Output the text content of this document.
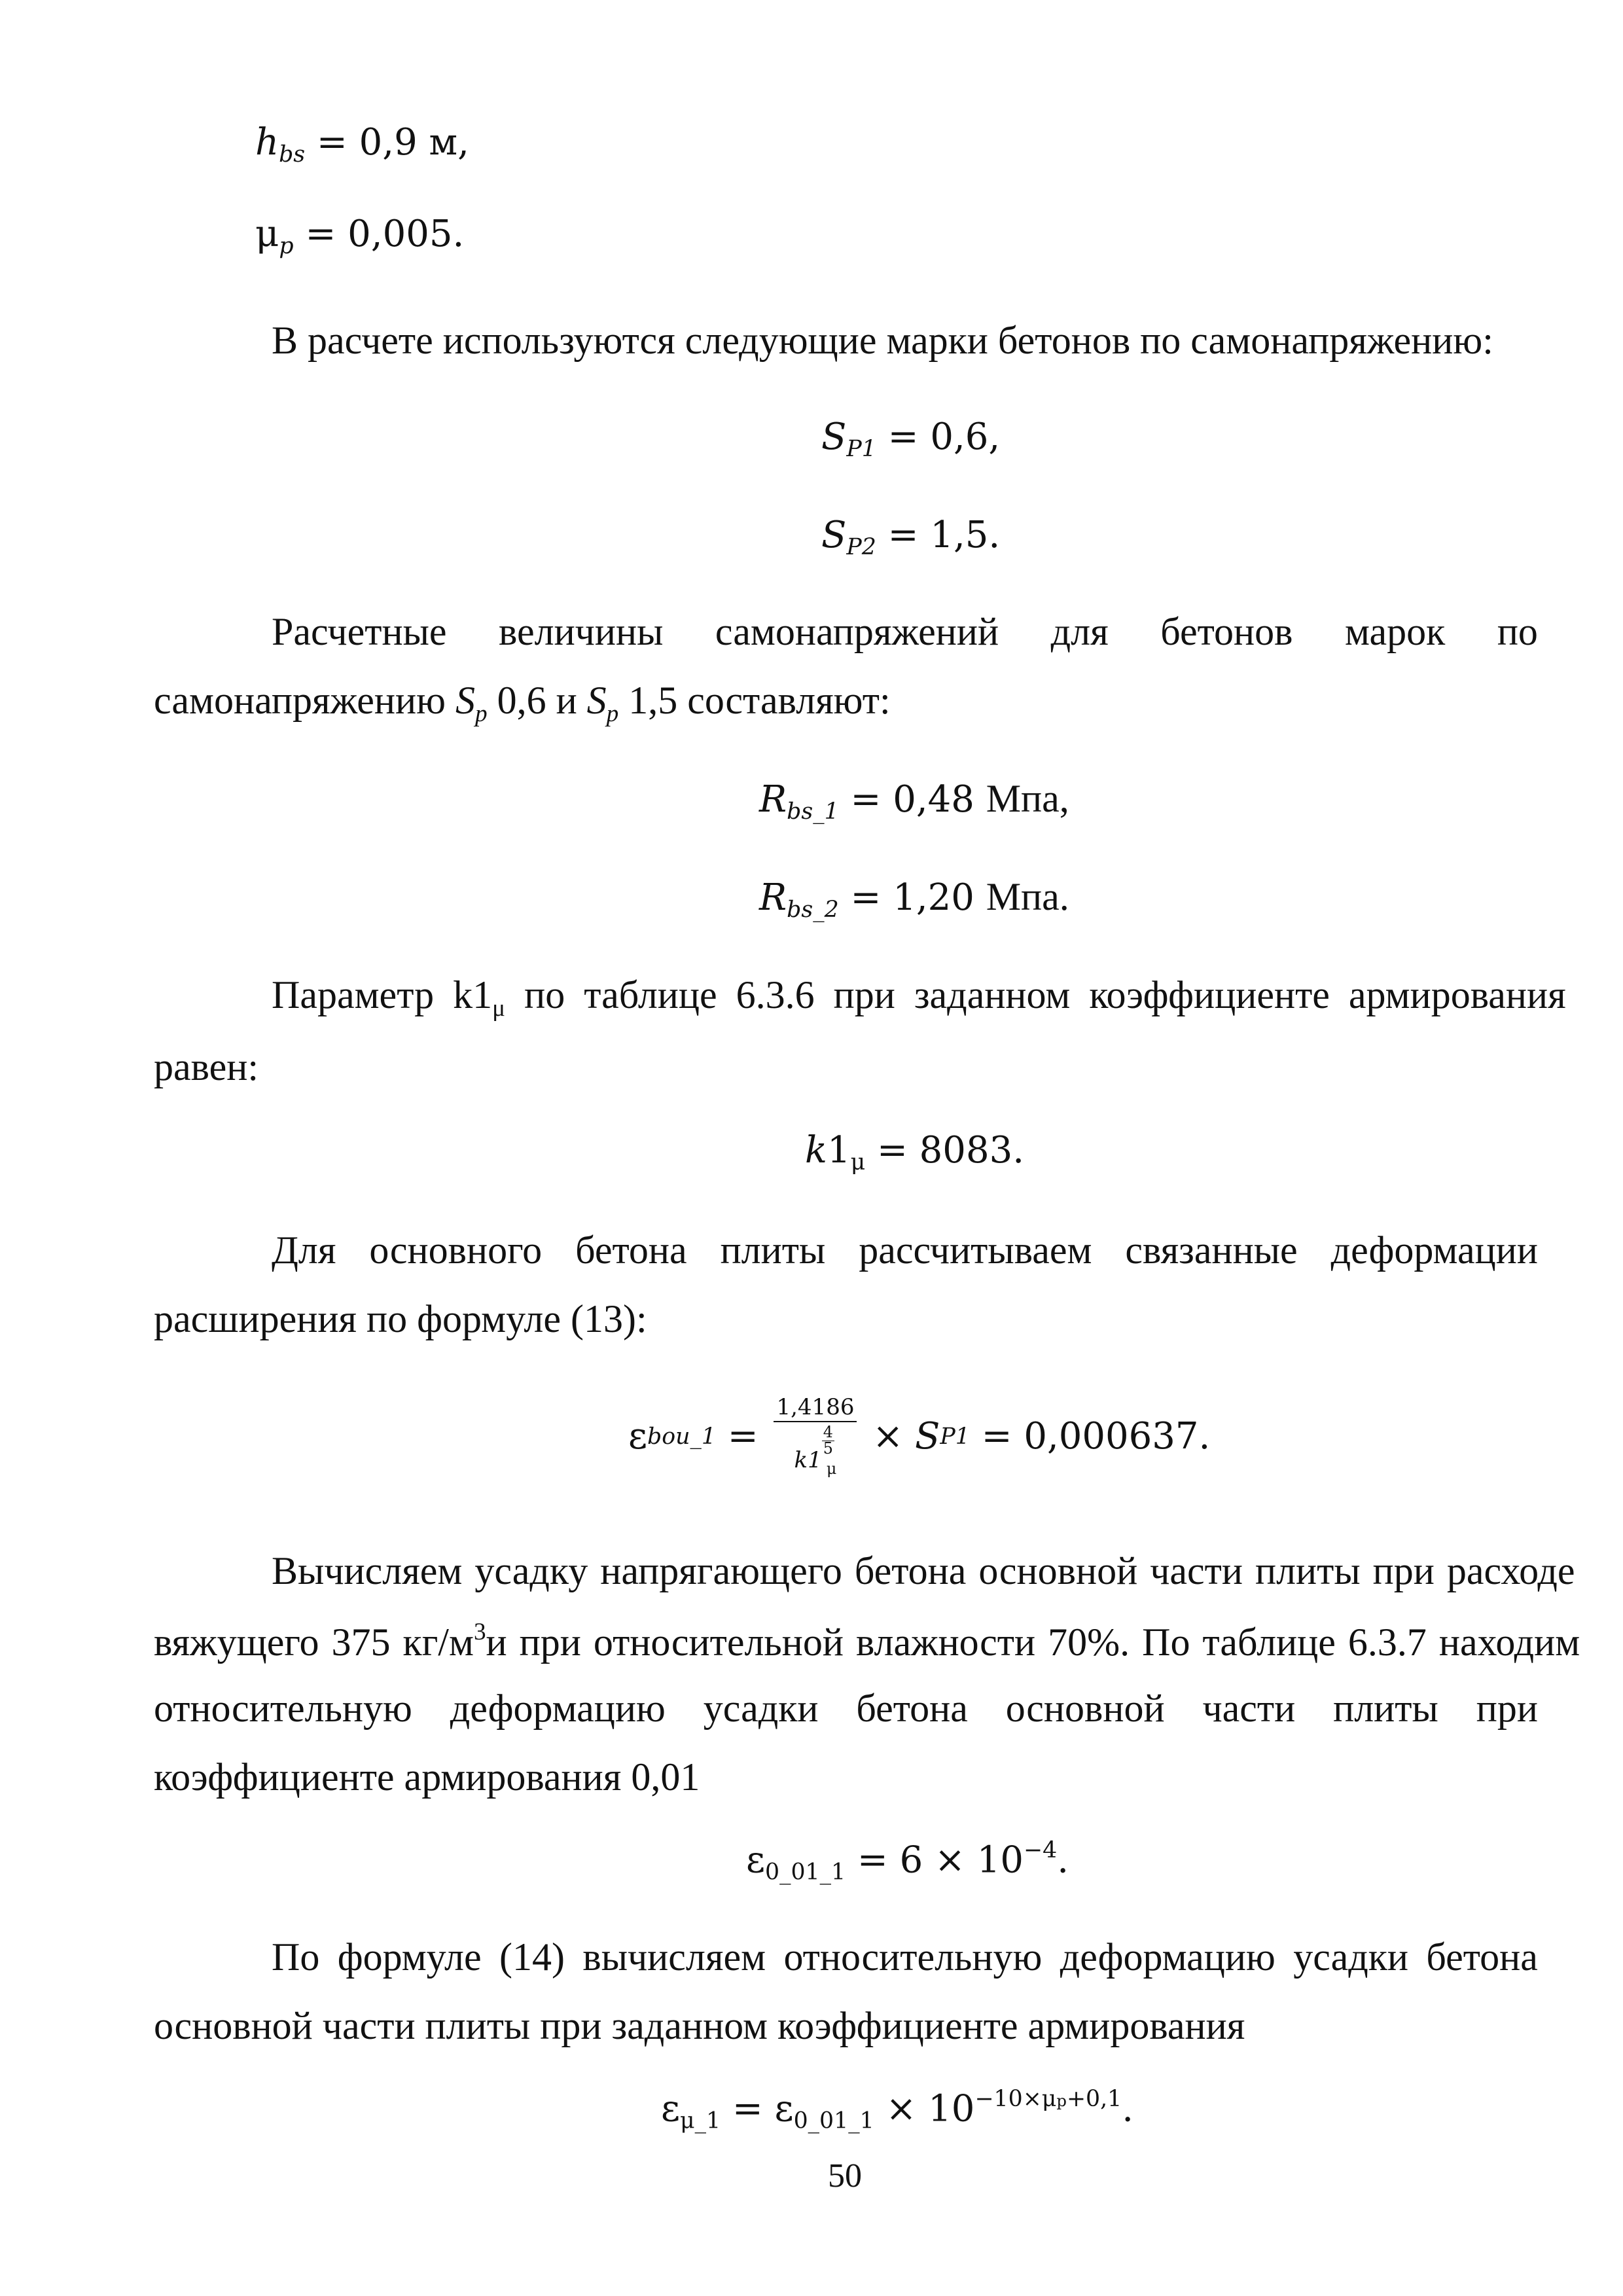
$h_{bs} = 0,9$ м,
$\mu_p = 0,005$.
В расчете используются следующие марки бетонов по самонапряжению:
$S_{P1} = 0,6$,
$S_{P2} = 1,5$.
Расчетные величины самонапряжений для бетонов марок по
самонапряжению $S_p$ 0,6 и $S_p$ 1,5 составляют:
$R_{bs\_1} = 0,48$ Мпа,
$R_{bs\_2} = 1,20$ Мпа.
Параметр $k1_\mu$ по таблице 6.3.6 при заданном коэффициенте армирования
равен:
$k1_\mu = 8083$.
Для основного бетона плиты рассчитываем связанные деформации
расширения по формуле (13):
ε bou_1 = 1,4186
k1
$\frac{4}{5}$
$_\mu$ × S P1 = 0,000637.
Вычисляем усадку напрягающего бетона основной части плиты при расходе
вяжущего 375 $кг/м^3и$ при относительной влажности 70%. По таблице 6.3.7 находим
относительную деформацию усадки бетона основной части плиты при
коэффициенте армирования 0,01
$\varepsilon_{0\_01\_1} = 6 \times 10^{-4}$.
По формуле (14) вычисляем относительную деформацию усадки бетона
основной части плиты при заданном коэффициенте армирования
$\varepsilon_{\mu\_1} = \varepsilon_{0\_01\_1} \times 10^{-10\times\mu p+0,1}$.
50
